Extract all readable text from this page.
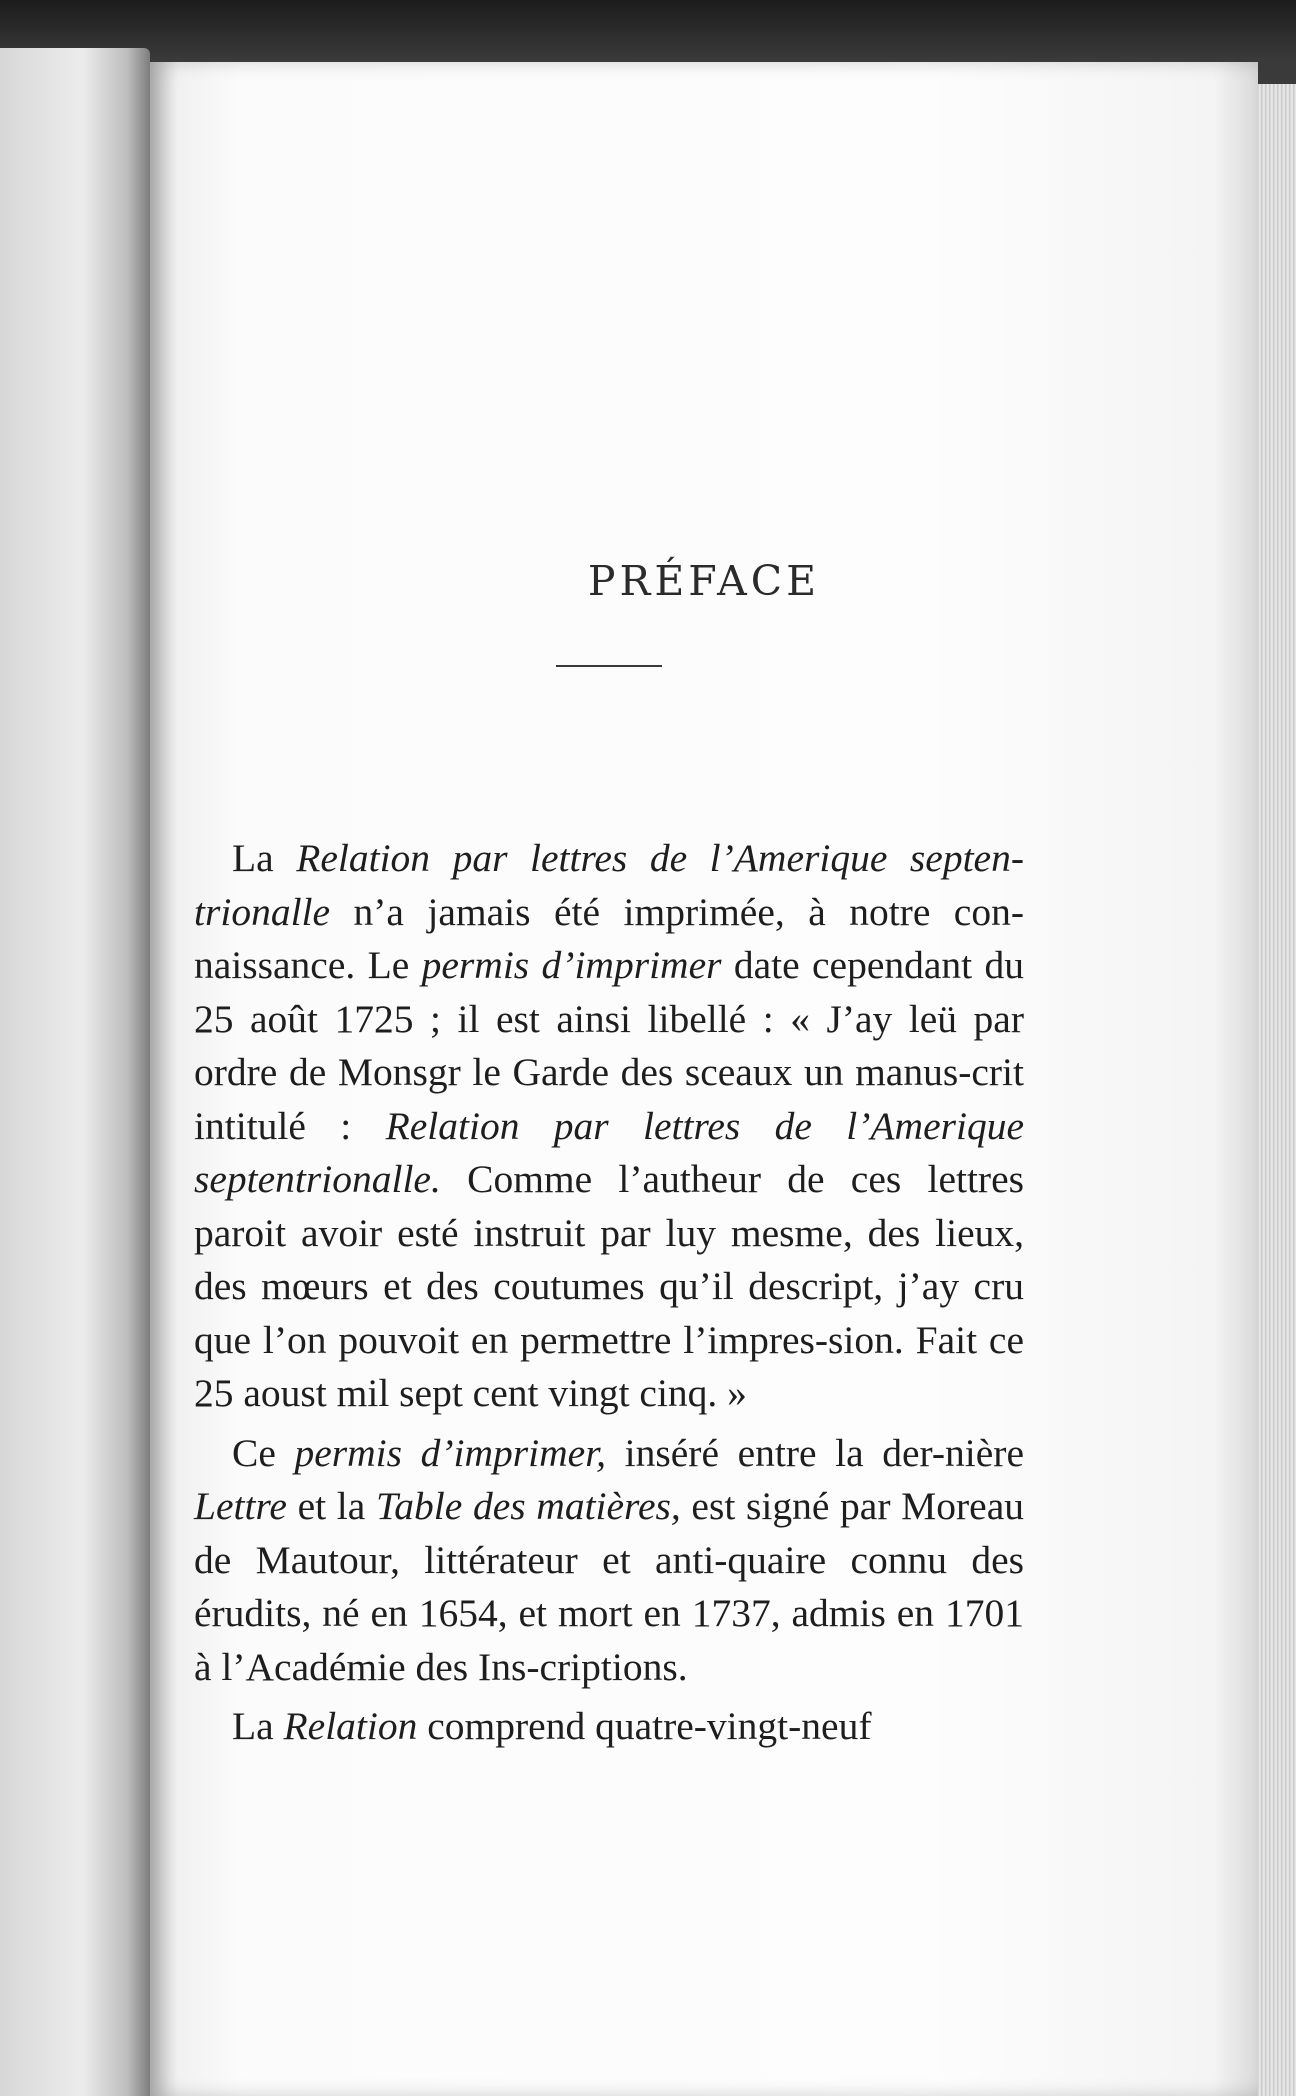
PRÉFACE

La Relation par lettres de l’Amerique septen-trionalle n’a jamais été imprimée, à notre con-naissance. Le permis d’imprimer date cependant du 25 août 1725 ; il est ainsi libellé : « J’ay leü par ordre de Monsgr le Garde des sceaux un manus-crit intitulé : Relation par lettres de l’Amerique septentrionalle. Comme l’autheur de ces lettres paroit avoir esté instruit par luy mesme, des lieux, des mœurs et des coutumes qu’il descript, j’ay cru que l’on pouvoit en permettre l’impres-sion. Fait ce 25 aoust mil sept cent vingt cinq. »

Ce permis d’imprimer, inséré entre la der-nière Lettre et la Table des matières, est signé par Moreau de Mautour, littérateur et anti-quaire connu des érudits, né en 1654, et mort en 1737, admis en 1701 à l’Académie des Ins-criptions.

La Relation comprend quatre-vingt-neuf
